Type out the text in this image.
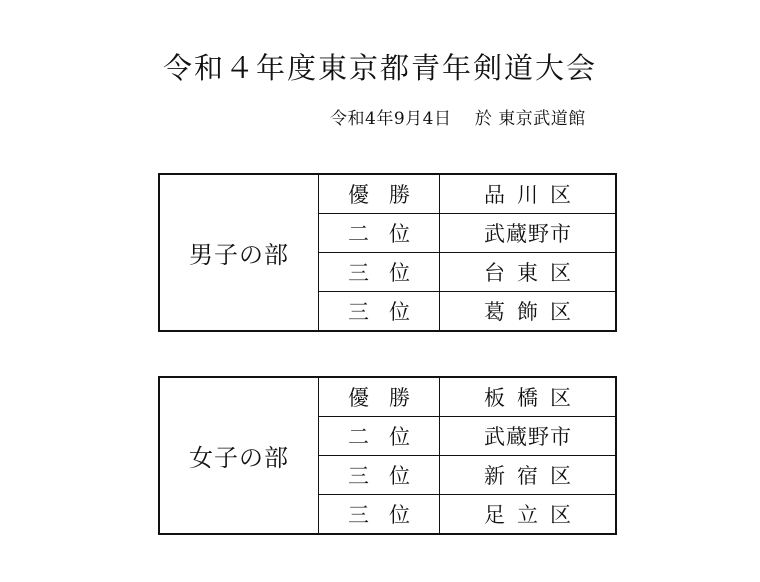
令和４年度東京都青年剣道大会
令和4年9月4日　 於 東京武道館
男子の部	優勝	品川区
	二位	武蔵野市
	三位	台東区
	三位	葛飾区
女子の部	優勝	板橋区
	二位	武蔵野市
	三位	新宿区
	三位	足立区
